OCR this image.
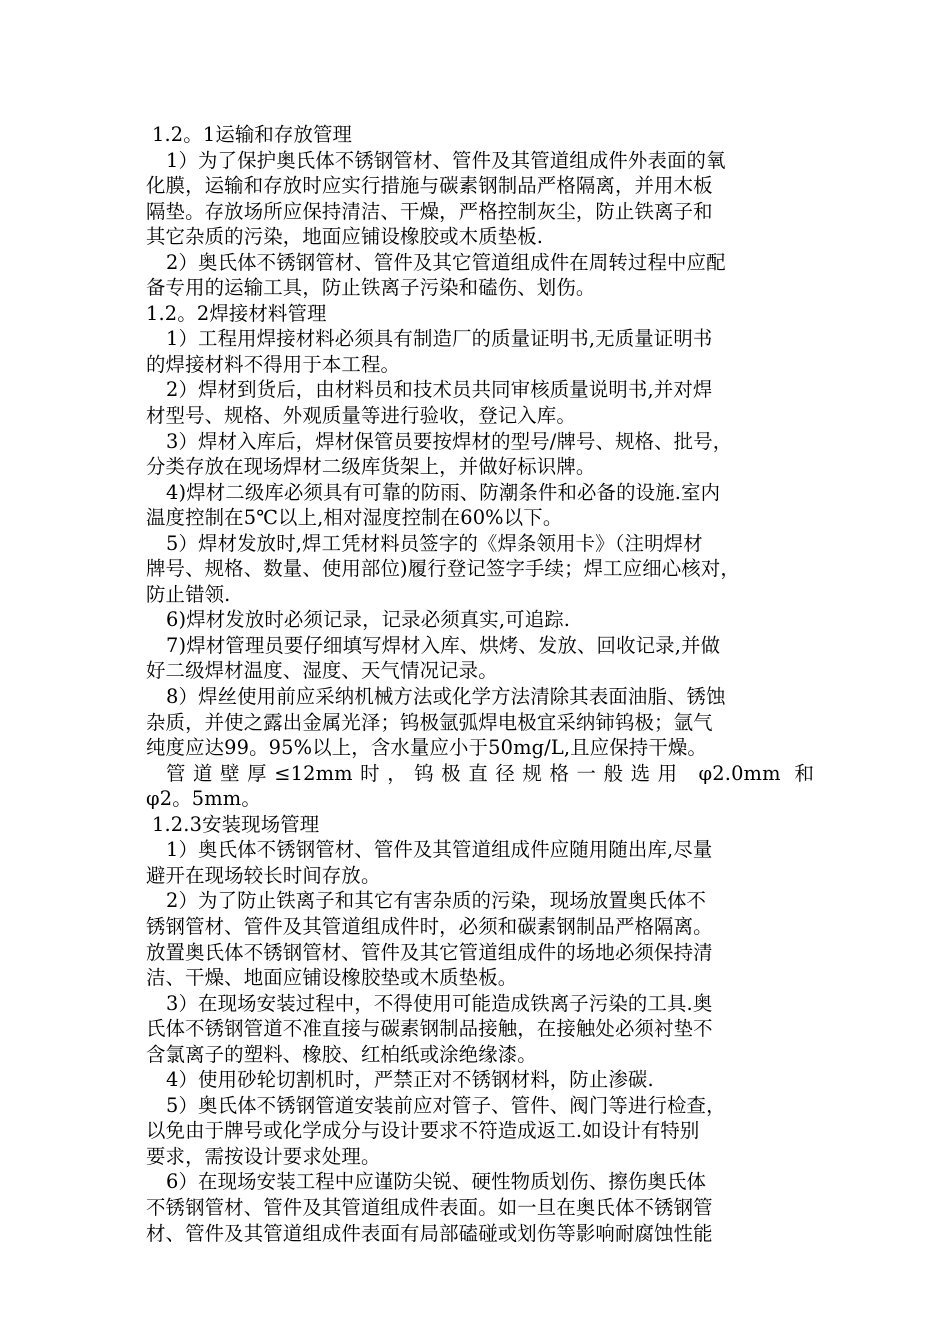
1.2。1运输和存放管理
1）为了保护奥氏体不锈钢管材、管件及其管道组成件外表面的氧
化膜，运输和存放时应实行措施与碳素钢制品严格隔离，并用木板
隔垫。存放场所应保持清洁、干燥，严格控制灰尘，防止铁离子和
其它杂质的污染，地面应铺设橡胶或木质垫板.
2）奥氏体不锈钢管材、管件及其它管道组成件在周转过程中应配
备专用的运输工具，防止铁离子污染和磕伤、划伤。
1.2。2焊接材料管理
1）工程用焊接材料必须具有制造厂的质量证明书,无质量证明书
的焊接材料不得用于本工程。
2）焊材到货后，由材料员和技术员共同审核质量说明书,并对焊
材型号、规格、外观质量等进行验收，登记入库。
3）焊材入库后，焊材保管员要按焊材的型号/牌号、规格、批号，
分类存放在现场焊材二级库货架上，并做好标识牌。
4)焊材二级库必须具有可靠的防雨、防潮条件和必备的设施.室内
温度控制在5℃以上,相对湿度控制在60%以下。
5）焊材发放时,焊工凭材料员签字的《焊条领用卡》（注明焊材
牌号、规格、数量、使用部位)履行登记签字手续；焊工应细心核对，
防止错领.
6)焊材发放时必须记录，记录必须真实,可追踪.
7)焊材管理员要仔细填写焊材入库、烘烤、发放、回收记录,并做
好二级焊材温度、湿度、天气情况记录。
8）焊丝使用前应采纳机械方法或化学方法清除其表面油脂、锈蚀
杂质，并使之露出金属光泽；钨极氩弧焊电极宜采纳铈钨极；氩气
纯度应达99。95%以上，含水量应小于50mg/L,且应保持干燥。
管道壁厚≤12mm时，钨极直径规格一般选用 φ2.0mm 和
φ2。5mm。
1.2.3安装现场管理
1）奥氏体不锈钢管材、管件及其管道组成件应随用随出库,尽量
避开在现场较长时间存放。
2）为了防止铁离子和其它有害杂质的污染，现场放置奥氏体不
锈钢管材、管件及其管道组成件时，必须和碳素钢制品严格隔离。
放置奥氏体不锈钢管材、管件及其它管道组成件的场地必须保持清
洁、干燥、地面应铺设橡胶垫或木质垫板。
3）在现场安装过程中，不得使用可能造成铁离子污染的工具.奥
氏体不锈钢管道不准直接与碳素钢制品接触，在接触处必须衬垫不
含氯离子的塑料、橡胶、红柏纸或涂绝缘漆。
4）使用砂轮切割机时，严禁正对不锈钢材料，防止渗碳.
5）奥氏体不锈钢管道安装前应对管子、管件、阀门等进行检查，
以免由于牌号或化学成分与设计要求不符造成返工.如设计有特别
要求，需按设计要求处理。
6）在现场安装工程中应谨防尖锐、硬性物质划伤、擦伤奥氏体
不锈钢管材、管件及其管道组成件表面。如一旦在奥氏体不锈钢管
材、管件及其管道组成件表面有局部磕碰或划伤等影响耐腐蚀性能
